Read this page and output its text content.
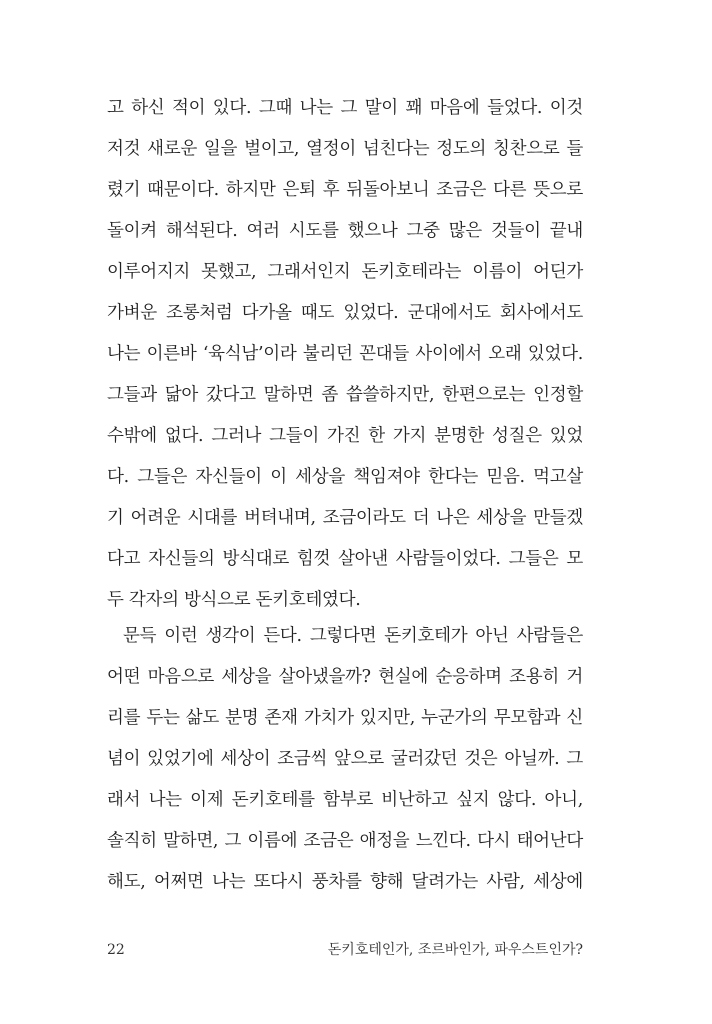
고 하신 적이 있다. 그때 나는 그 말이 꽤 마음에 들었다. 이것
저것 새로운 일을 벌이고, 열정이 넘친다는 정도의 칭찬으로 들
렸기 때문이다. 하지만 은퇴 후 뒤돌아보니 조금은 다른 뜻으로
돌이켜 해석된다. 여러 시도를 했으나 그중 많은 것들이 끝내
이루어지지 못했고, 그래서인지 돈키호테라는 이름이 어딘가
가벼운 조롱처럼 다가올 때도 있었다. 군대에서도 회사에서도
나는 이른바 ‘육식남’이라 불리던 꼰대들 사이에서 오래 있었다.
그들과 닮아 갔다고 말하면 좀 씁쓸하지만, 한편으로는 인정할
수밖에 없다. 그러나 그들이 가진 한 가지 분명한 성질은 있었
다. 그들은 자신들이 이 세상을 책임져야 한다는 믿음. 먹고살
기 어려운 시대를 버텨내며, 조금이라도 더 나은 세상을 만들겠
다고 자신들의 방식대로 힘껏 살아낸 사람들이었다. 그들은 모
두 각자의 방식으로 돈키호테였다.
문득 이런 생각이 든다. 그렇다면 돈키호테가 아닌 사람들은
어떤 마음으로 세상을 살아냈을까? 현실에 순응하며 조용히 거
리를 두는 삶도 분명 존재 가치가 있지만, 누군가의 무모함과 신
념이 있었기에 세상이 조금씩 앞으로 굴러갔던 것은 아닐까. 그
래서 나는 이제 돈키호테를 함부로 비난하고 싶지 않다. 아니,
솔직히 말하면, 그 이름에 조금은 애정을 느낀다. 다시 태어난다
해도, 어쩌면 나는 또다시 풍차를 향해 달려가는 사람, 세상에
22	돈키호테인가, 조르바인가, 파우스트인가?
